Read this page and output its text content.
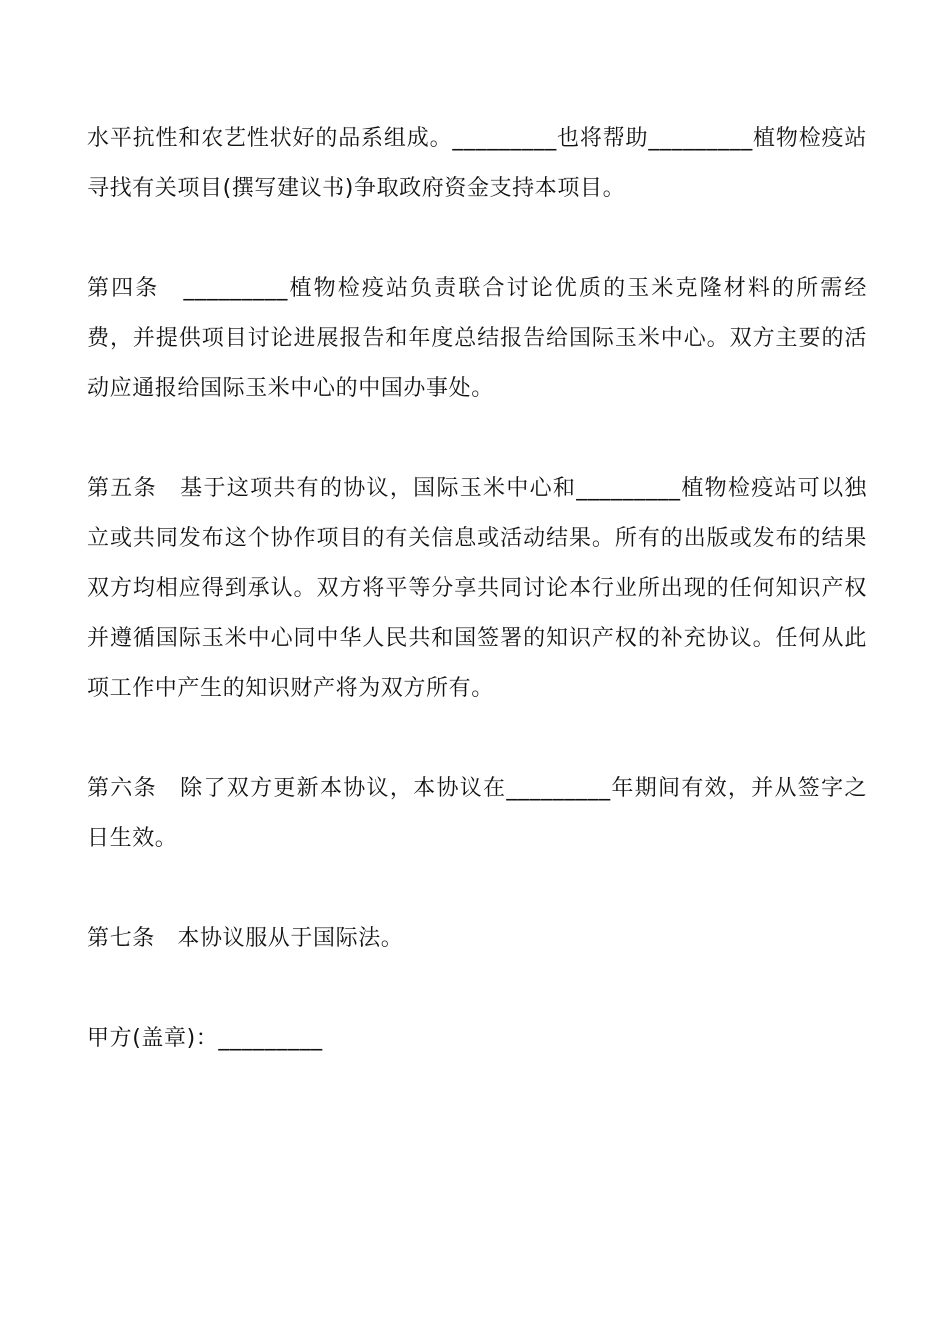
水平抗性和农艺性状好的品系组成。_________也将帮助_________植物检疫站寻找有关项目(撰写建议书)争取政府资金支持本项目。

第四条　_________植物检疫站负责联合讨论优质的玉米克隆材料的所需经费，并提供项目讨论进展报告和年度总结报告给国际玉米中心。双方主要的活动应通报给国际玉米中心的中国办事处。

第五条　基于这项共有的协议，国际玉米中心和_________植物检疫站可以独立或共同发布这个协作项目的有关信息或活动结果。所有的出版或发布的结果双方均相应得到承认。双方将平等分享共同讨论本行业所出现的任何知识产权并遵循国际玉米中心同中华人民共和国签署的知识产权的补充协议。任何从此项工作中产生的知识财产将为双方所有。

第六条　除了双方更新本协议，本协议在_________年期间有效，并从签字之日生效。

第七条　本协议服从于国际法。

甲方(盖章)：_________
